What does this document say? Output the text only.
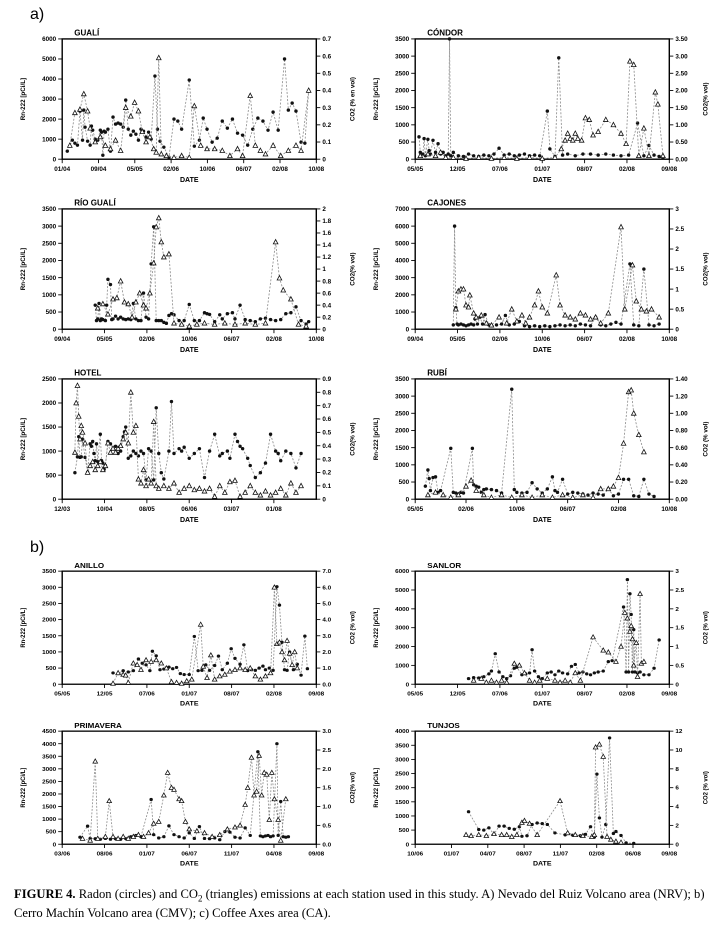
a)
GUALÍ
0
1000
2000
3000
4000
5000
6000
Rn-222 [pCi/L]
0
0.1
0.2
0.3
0.4
0.5
0.6
0.7
CO2 (% en vol)
01/04	09/04	05/05	02/06	10/06	06/07	02/08	10/08
DATE
CÓNDOR
0
500
1000
1500
2000
2500
3000
3500
Rn-222 [pCi/L]
0.00
0.50
1.00
1.50
2.00
2.50
3.00
3.50
CO2(% vol)
05/05	12/05	07/06	01/07	08/07	02/08	09/08
DATE
RÍO GUALÍ
0
500
1000
1500
2000
2500
3000
3500
Rn-222 [pCi/L]
0
0.2
0.4
0.6
0.8
1
1.2
1.4
1.6
1.8
2
CO2(% vol)
09/04	05/05	02/06	10/06	06/07	02/08	10/08
DATE
CAJONES
0
1000
2000
3000
4000
5000
6000
7000
Rn-222 [pCi/L]
0
0.5
1
1.5
2
2.5
3
CO2(% vol)
09/04	05/05	02/06	10/06	06/07	02/08	10/08
DATE
HOTEL
0
500
1000
1500
2000
2500
Rn-222 [pCi/L]
0
0.1
0.2
0.3
0.4
0.5
0.6
0.7
0.8
0.9
CO2(% vol)
12/03	10/04	08/05	06/06	03/07	01/08
DATE
RUBÍ
0
500
1000
1500
2000
2500
3000
3500
Rn-222 [pCi/L]
0.00
0.20
0.40
0.60
0.80
1.00
1.20
1.40
CO2 (% vol)
05/05	02/06	10/06	06/07	02/08	10/08
DATE
b)
ANILLO
0
500
1000
1500
2000
2500
3000
3500
Rn-222 [pCi/L]
0.0
1.0
2.0
3.0
4.0
5.0
6.0
7.0
CO2 (% vol)
05/05	12/05	07/06	01/07	08/07	02/08	09/08
DATE
SANLOR
0
1000
2000
3000
4000
5000
6000
Rn-222 [pCi/L]
0
0.5
1
1.5
2
2.5
3
CO2 (% vol)
05/05	12/05	07/06	01/07	08/07	02/08	09/08
DATE
PRIMAVERA
0
500
1000
1500
2000
2500
3000
3500
4000
4500
Rn-222 [pCi/L]
0.0
0.5
1.0
1.5
2.0
2.5
3.0
CO2(% vol)
03/06	08/06	01/07	06/07	11/07	04/08	09/08
DATE
TUNJOS
0
500
1000
1500
2000
2500
3000
3500
4000
Rn-222 [pCi/L]
0
2
4
6
8
10
12
CO2 (% vol)
10/06	01/07	04/07	08/07	11/07	02/08	06/08	09/08
DATE

FIGURE 4. Radon (circles) and $CO_2$ (triangles) emissions at each station used in this study. A) Nevado del Ruiz Volcano area (NRV); b) Cerro Machín Volcano area (CMV); c) Coffee Axes area (CA).
